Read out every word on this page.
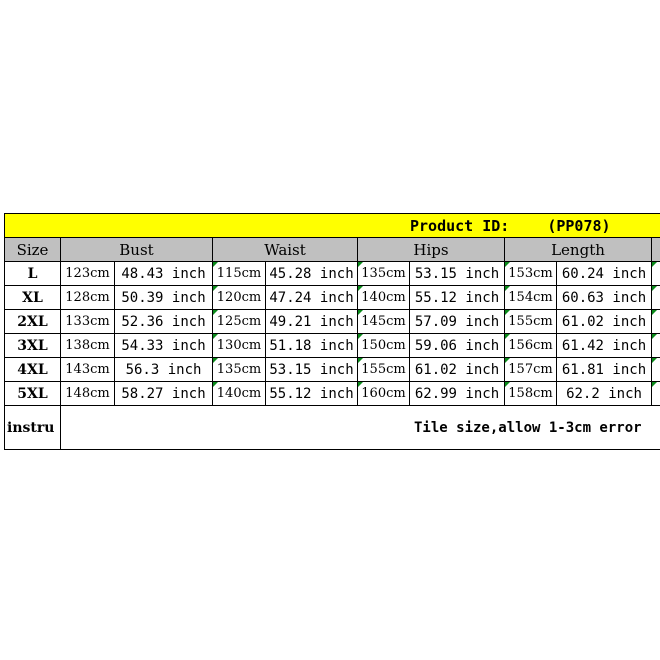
Product ID: (PP078)									
Size	Bust		Waist		Hips		Length		
L	123cm	48.43 inch	115cm	45.28 inch	135cm	53.15 inch	153cm	60.24 inch	
XL	128cm	50.39 inch	120cm	47.24 inch	140cm	55.12 inch	154cm	60.63 inch	
2XL	133cm	52.36 inch	125cm	49.21 inch	145cm	57.09 inch	155cm	61.02 inch	
3XL	138cm	54.33 inch	130cm	51.18 inch	150cm	59.06 inch	156cm	61.42 inch	
4XL	143cm	56.3 inch	135cm	53.15 inch	155cm	61.02 inch	157cm	61.81 inch	
5XL	148cm	58.27 inch	140cm	55.12 inch	160cm	62.99 inch	158cm	62.2 inch	
instru	Tile size,allow 1-3cm error								
